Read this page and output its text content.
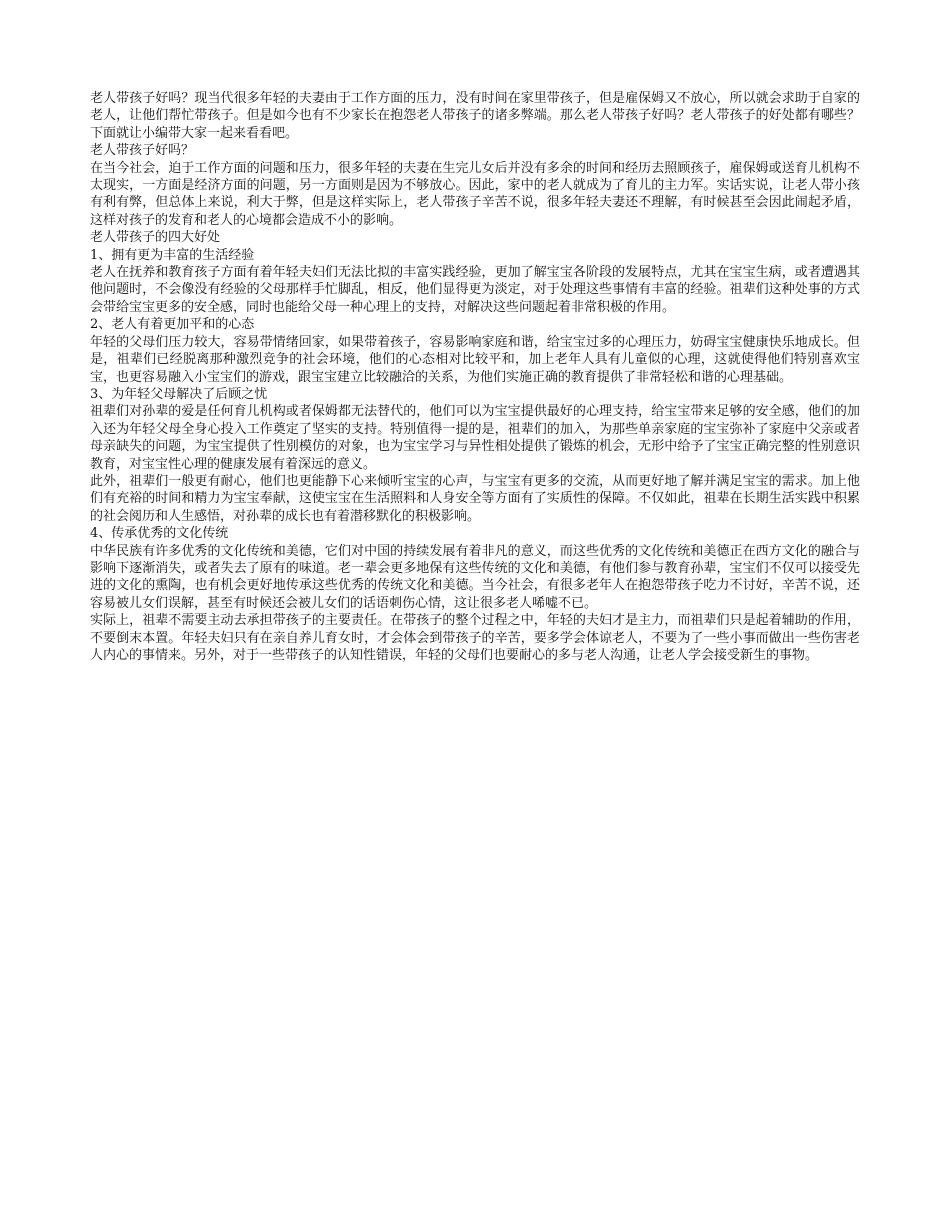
老人带孩子好吗？现当代很多年轻的夫妻由于工作方面的压力，没有时间在家里带孩子，但是雇保姆又不放心，所以就会求助于自家的老人，让他们帮忙带孩子。但是如今也有不少家长在抱怨老人带孩子的诸多弊端。那么老人带孩子好吗？老人带孩子的好处都有哪些？下面就让小编带大家一起来看看吧。

老人带孩子好吗？

在当今社会，迫于工作方面的问题和压力，很多年轻的夫妻在生完儿女后并没有多余的时间和经历去照顾孩子，雇保姆或送育儿机构不太现实，一方面是经济方面的问题，另一方面则是因为不够放心。因此，家中的老人就成为了育儿的主力军。实话实说，让老人带小孩有利有弊，但总体上来说，利大于弊，但是这样实际上，老人带孩子辛苦不说，很多年轻夫妻还不理解，有时候甚至会因此闹起矛盾，这样对孩子的发育和老人的心境都会造成不小的影响。

老人带孩子的四大好处

1、拥有更为丰富的生活经验

老人在抚养和教育孩子方面有着年轻夫妇们无法比拟的丰富实践经验，更加了解宝宝各阶段的发展特点，尤其在宝宝生病，或者遭遇其他问题时，不会像没有经验的父母那样手忙脚乱，相反，他们显得更为淡定，对于处理这些事情有丰富的经验。祖辈们这种处事的方式会带给宝宝更多的安全感，同时也能给父母一种心理上的支持，对解决这些问题起着非常积极的作用。

2、老人有着更加平和的心态

年轻的父母们压力较大，容易带情绪回家，如果带着孩子，容易影响家庭和谐，给宝宝过多的心理压力，妨碍宝宝健康快乐地成长。但是，祖辈们已经脱离那种激烈竞争的社会环境，他们的心态相对比较平和，加上老年人具有儿童似的心理，这就使得他们特别喜欢宝宝，也更容易融入小宝宝们的游戏，跟宝宝建立比较融洽的关系，为他们实施正确的教育提供了非常轻松和谐的心理基础。

3、为年轻父母解决了后顾之忧

祖辈们对孙辈的爱是任何育儿机构或者保姆都无法替代的，他们可以为宝宝提供最好的心理支持，给宝宝带来足够的安全感，他们的加入还为年轻父母全身心投入工作奠定了坚实的支持。特别值得一提的是，祖辈们的加入，为那些单亲家庭的宝宝弥补了家庭中父亲或者母亲缺失的问题，为宝宝提供了性别模仿的对象，也为宝宝学习与异性相处提供了锻炼的机会，无形中给予了宝宝正确完整的性别意识教育，对宝宝性心理的健康发展有着深远的意义。

此外，祖辈们一般更有耐心，他们也更能静下心来倾听宝宝的心声，与宝宝有更多的交流，从而更好地了解并满足宝宝的需求。加上他们有充裕的时间和精力为宝宝奉献，这使宝宝在生活照料和人身安全等方面有了实质性的保障。不仅如此，祖辈在长期生活实践中积累的社会阅历和人生感悟，对孙辈的成长也有着潜移默化的积极影响。

4、传承优秀的文化传统

中华民族有许多优秀的文化传统和美德，它们对中国的持续发展有着非凡的意义，而这些优秀的文化传统和美德正在西方文化的融合与影响下逐渐消失，或者失去了原有的味道。老一辈会更多地保有这些传统的文化和美德，有他们参与教育孙辈，宝宝们不仅可以接受先进的文化的熏陶，也有机会更好地传承这些优秀的传统文化和美德。当今社会，有很多老年人在抱怨带孩子吃力不讨好，辛苦不说，还容易被儿女们误解，甚至有时候还会被儿女们的话语刺伤心情，这让很多老人唏嘘不已。

实际上，祖辈不需要主动去承担带孩子的主要责任。在带孩子的整个过程之中，年轻的夫妇才是主力，而祖辈们只是起着辅助的作用，不要倒末本置。年轻夫妇只有在亲自养儿育女时，才会体会到带孩子的辛苦，要多学会体谅老人，不要为了一些小事而做出一些伤害老人内心的事情来。另外，对于一些带孩子的认知性错误，年轻的父母们也要耐心的多与老人沟通，让老人学会接受新生的事物。
